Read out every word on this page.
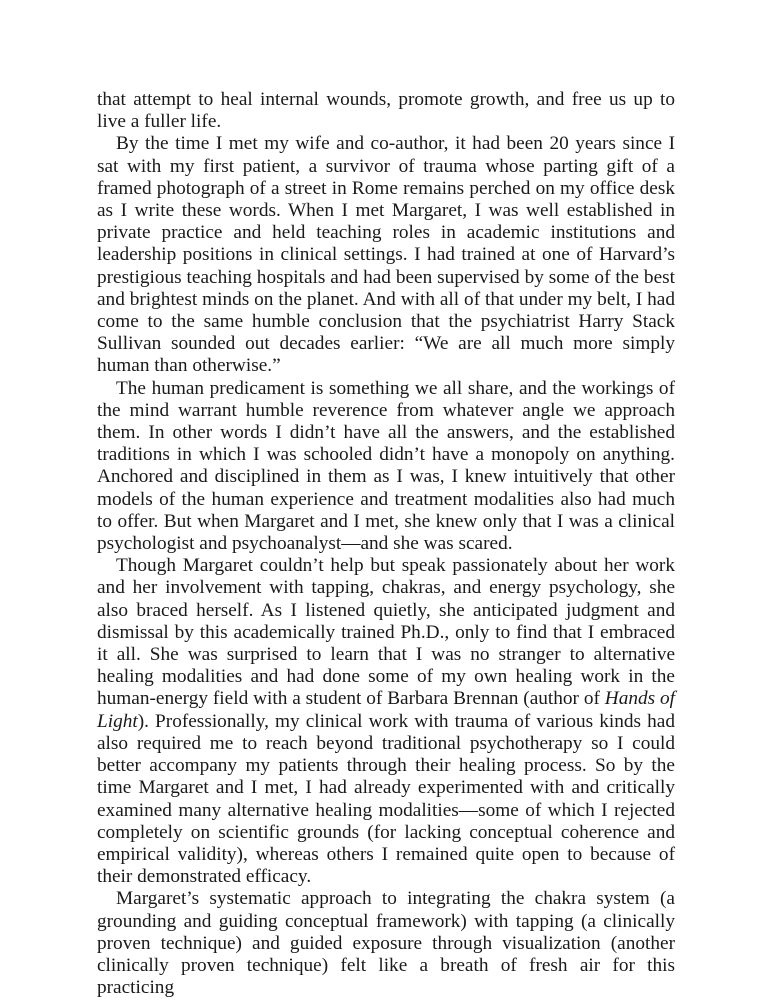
that attempt to heal internal wounds, promote growth, and free us up to live a fuller life.

By the time I met my wife and co-author, it had been 20 years since I sat with my first patient, a survivor of trauma whose parting gift of a framed photograph of a street in Rome remains perched on my office desk as I write these words. When I met Margaret, I was well established in private practice and held teaching roles in academic institutions and leadership positions in clinical settings. I had trained at one of Harvard’s prestigious teaching hospitals and had been supervised by some of the best and brightest minds on the planet. And with all of that under my belt, I had come to the same humble conclusion that the psychiatrist Harry Stack Sullivan sounded out decades earlier: “We are all much more simply human than otherwise.”

The human predicament is something we all share, and the workings of the mind warrant humble reverence from whatever angle we approach them. In other words I didn’t have all the answers, and the established traditions in which I was schooled didn’t have a monopoly on anything. Anchored and disciplined in them as I was, I knew intuitively that other models of the human experience and treatment modalities also had much to offer. But when Margaret and I met, she knew only that I was a clinical psychologist and psychoanalyst—and she was scared.

Though Margaret couldn’t help but speak passionately about her work and her involvement with tapping, chakras, and energy psychology, she also braced herself. As I listened quietly, she anticipated judgment and dismissal by this academically trained Ph.D., only to find that I embraced it all. She was surprised to learn that I was no stranger to alternative healing modalities and had done some of my own healing work in the human-energy field with a student of Barbara Brennan (author of Hands of Light). Professionally, my clinical work with trauma of various kinds had also required me to reach beyond traditional psychotherapy so I could better accompany my patients through their healing process. So by the time Margaret and I met, I had already experimented with and critically examined many alternative healing modalities—some of which I rejected completely on scientific grounds (for lacking conceptual coherence and empirical validity), whereas others I remained quite open to because of their demonstrated efficacy.

Margaret’s systematic approach to integrating the chakra system (a grounding and guiding conceptual framework) with tapping (a clinically proven technique) and guided exposure through visualization (another clinically proven technique) felt like a breath of fresh air for this practicing
